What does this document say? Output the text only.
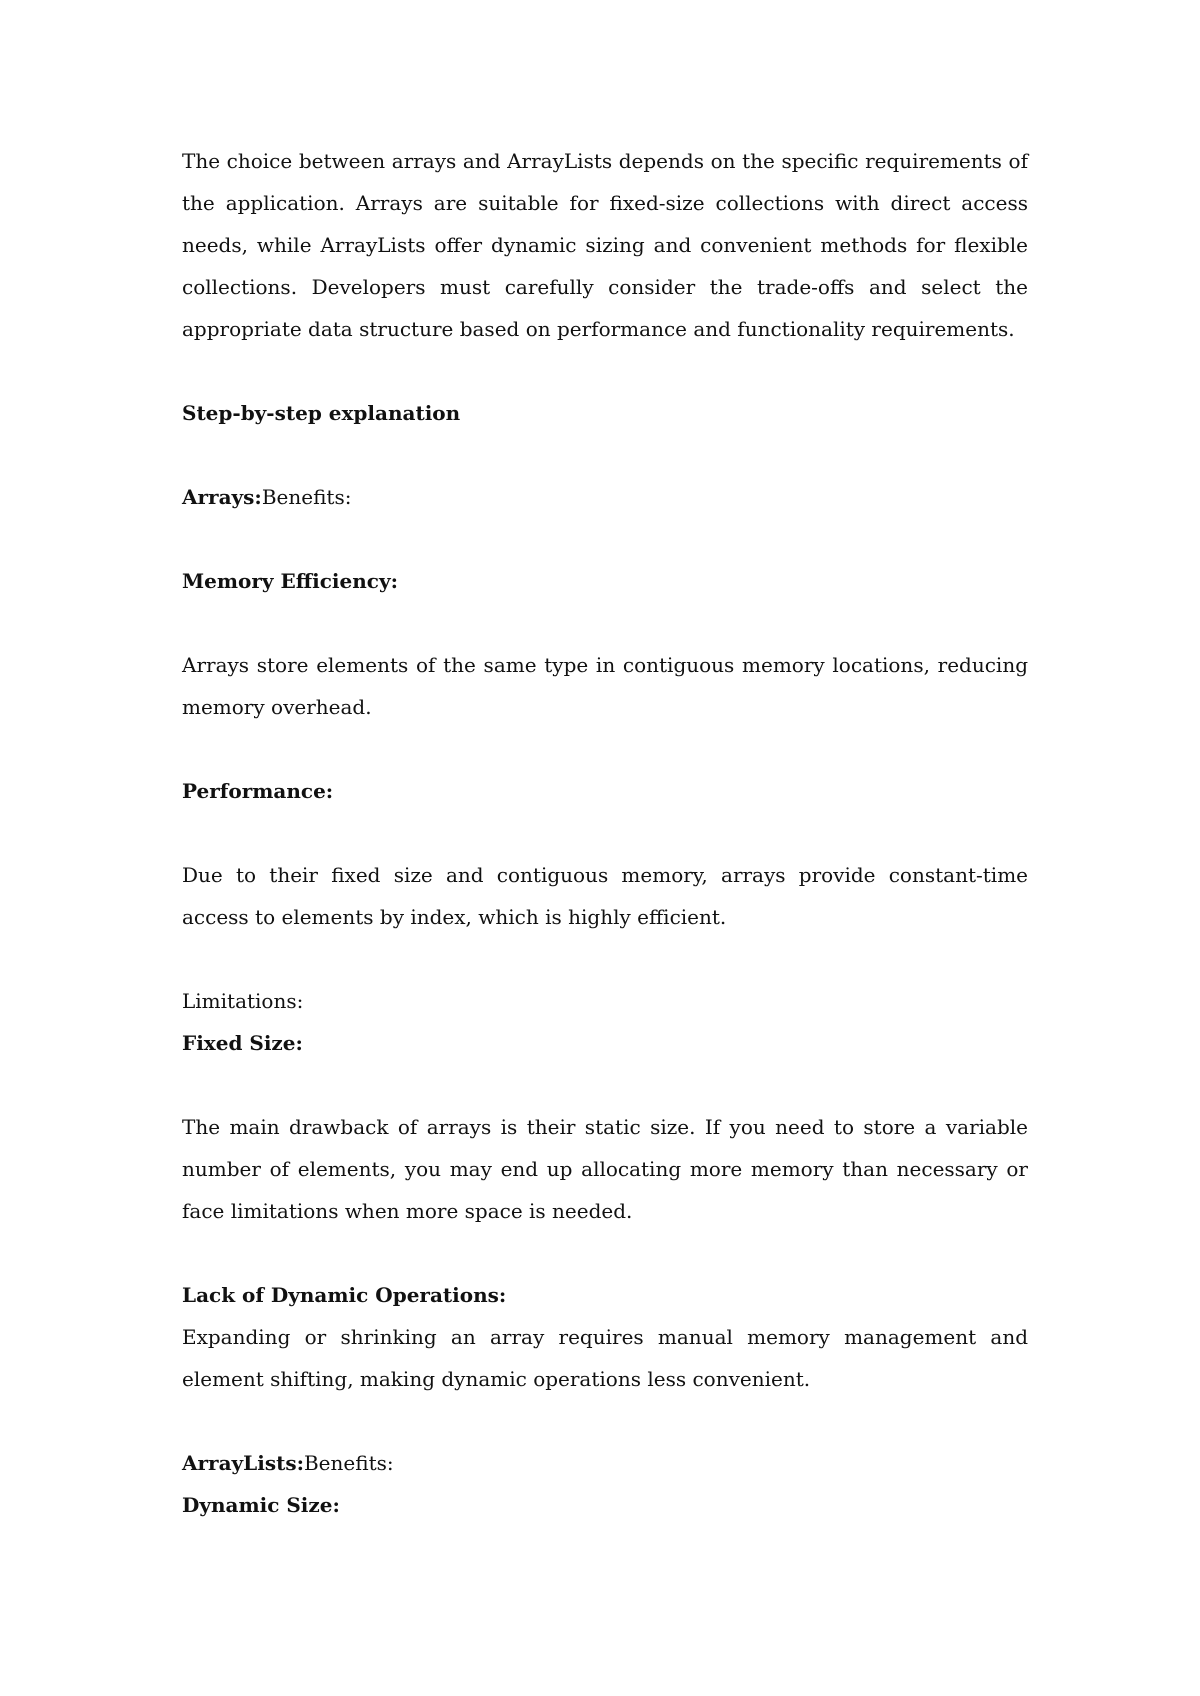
The choice between arrays and ArrayLists depends on the specific requirements of the application. Arrays are suitable for fixed-size collections with direct access needs, while ArrayLists offer dynamic sizing and convenient methods for flexible collections. Developers must carefully consider the trade-offs and select the appropriate data structure based on performance and functionality requirements.

Step-by-step explanation

Arrays:Benefits:

Memory Efficiency:

Arrays store elements of the same type in contiguous memory locations, reducing memory overhead.

Performance:

Due to their fixed size and contiguous memory, arrays provide constant-time access to elements by index, which is highly efficient.

Limitations:

Fixed Size:

The main drawback of arrays is their static size. If you need to store a variable number of elements, you may end up allocating more memory than necessary or face limitations when more space is needed.

Lack of Dynamic Operations:

Expanding or shrinking an array requires manual memory management and element shifting, making dynamic operations less convenient.

ArrayLists:Benefits:

Dynamic Size:
